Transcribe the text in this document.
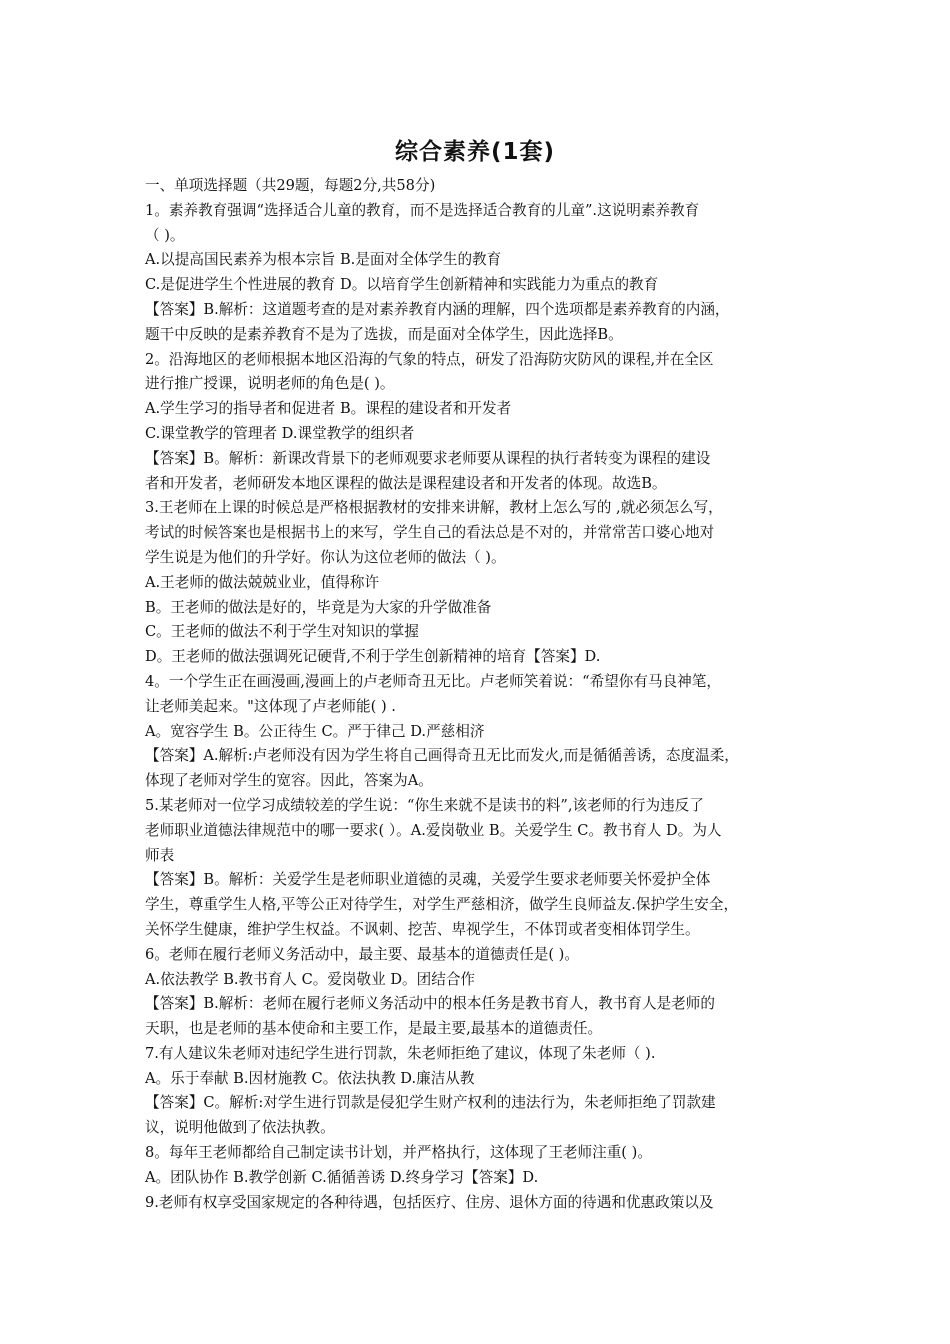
综合素养(1套)

一、单项选择题（共29题，每题2分,共58分)

1。素养教育强调“选择适合儿童的教育，而不是选择适合教育的儿童”.这说明素养教育

（ )。

A.以提高国民素养为根本宗旨 B.是面对全体学生的教育

C.是促进学生个性进展的教育 D。以培育学生创新精神和实践能力为重点的教育

【答案】B.解析：这道题考查的是对素养教育内涵的理解，四个选项都是素养教育的内涵，

题干中反映的是素养教育不是为了选拔，而是面对全体学生，因此选择B。

2。沿海地区的老师根据本地区沿海的气象的特点，研发了沿海防灾防风的课程,并在全区

进行推广授课，说明老师的角色是( )。

A.学生学习的指导者和促进者 B。课程的建设者和开发者

C.课堂教学的管理者 D.课堂教学的组织者

【答案】B。解析：新课改背景下的老师观要求老师要从课程的执行者转变为课程的建设

者和开发者，老师研发本地区课程的做法是课程建设者和开发者的体现。故选B。

3.王老师在上课的时候总是严格根据教材的安排来讲解，教材上怎么写的 ,就必须怎么写，

考试的时候答案也是根据书上的来写，学生自己的看法总是不对的，并常常苦口婆心地对

学生说是为他们的升学好。你认为这位老师的做法（ )。

A.王老师的做法兢兢业业，值得称许

B。王老师的做法是好的，毕竟是为大家的升学做准备

C。王老师的做法不利于学生对知识的掌握

D。王老师的做法强调死记硬背,不利于学生创新精神的培育【答案】D.

4。一个学生正在画漫画,漫画上的卢老师奇丑无比。卢老师笑着说：“希望你有马良神笔，

让老师美起来。"这体现了卢老师能( ) .

A。宽容学生 B。公正待生 C。严于律己 D.严慈相济

【答案】A.解析:卢老师没有因为学生将自己画得奇丑无比而发火,而是循循善诱，态度温柔，

体现了老师对学生的宽容。因此，答案为A。

5.某老师对一位学习成绩较差的学生说：“你生来就不是读书的料”,该老师的行为违反了

老师职业道德法律规范中的哪一要求( ）。A.爱岗敬业 B。关爱学生 C。教书育人 D。为人

师表

【答案】B。解析：关爱学生是老师职业道德的灵魂，关爱学生要求老师要关怀爱护全体

学生，尊重学生人格,平等公正对待学生，对学生严慈相济，做学生良师益友.保护学生安全，

关怀学生健康，维护学生权益。不讽刺、挖苦、卑视学生，不体罚或者变相体罚学生。

6。老师在履行老师义务活动中，最主要、最基本的道德责任是( )。

A.依法教学 B.教书育人 C。爱岗敬业 D。团结合作

【答案】B.解析：老师在履行老师义务活动中的根本任务是教书育人，教书育人是老师的

天职，也是老师的基本使命和主要工作，是最主要,最基本的道德责任。

7.有人建议朱老师对违纪学生进行罚款，朱老师拒绝了建议，体现了朱老师（ ).

A。乐于奉献 B.因材施教 C。依法执教 D.廉洁从教

【答案】C。解析:对学生进行罚款是侵犯学生财产权利的违法行为，朱老师拒绝了罚款建

议，说明他做到了依法执教。

8。每年王老师都给自己制定读书计划，并严格执行，这体现了王老师注重( )。

A。团队协作 B.教学创新 C.循循善诱 D.终身学习【答案】D.

9.老师有权享受国家规定的各种待遇，包括医疗、住房、退休方面的待遇和优惠政策以及
